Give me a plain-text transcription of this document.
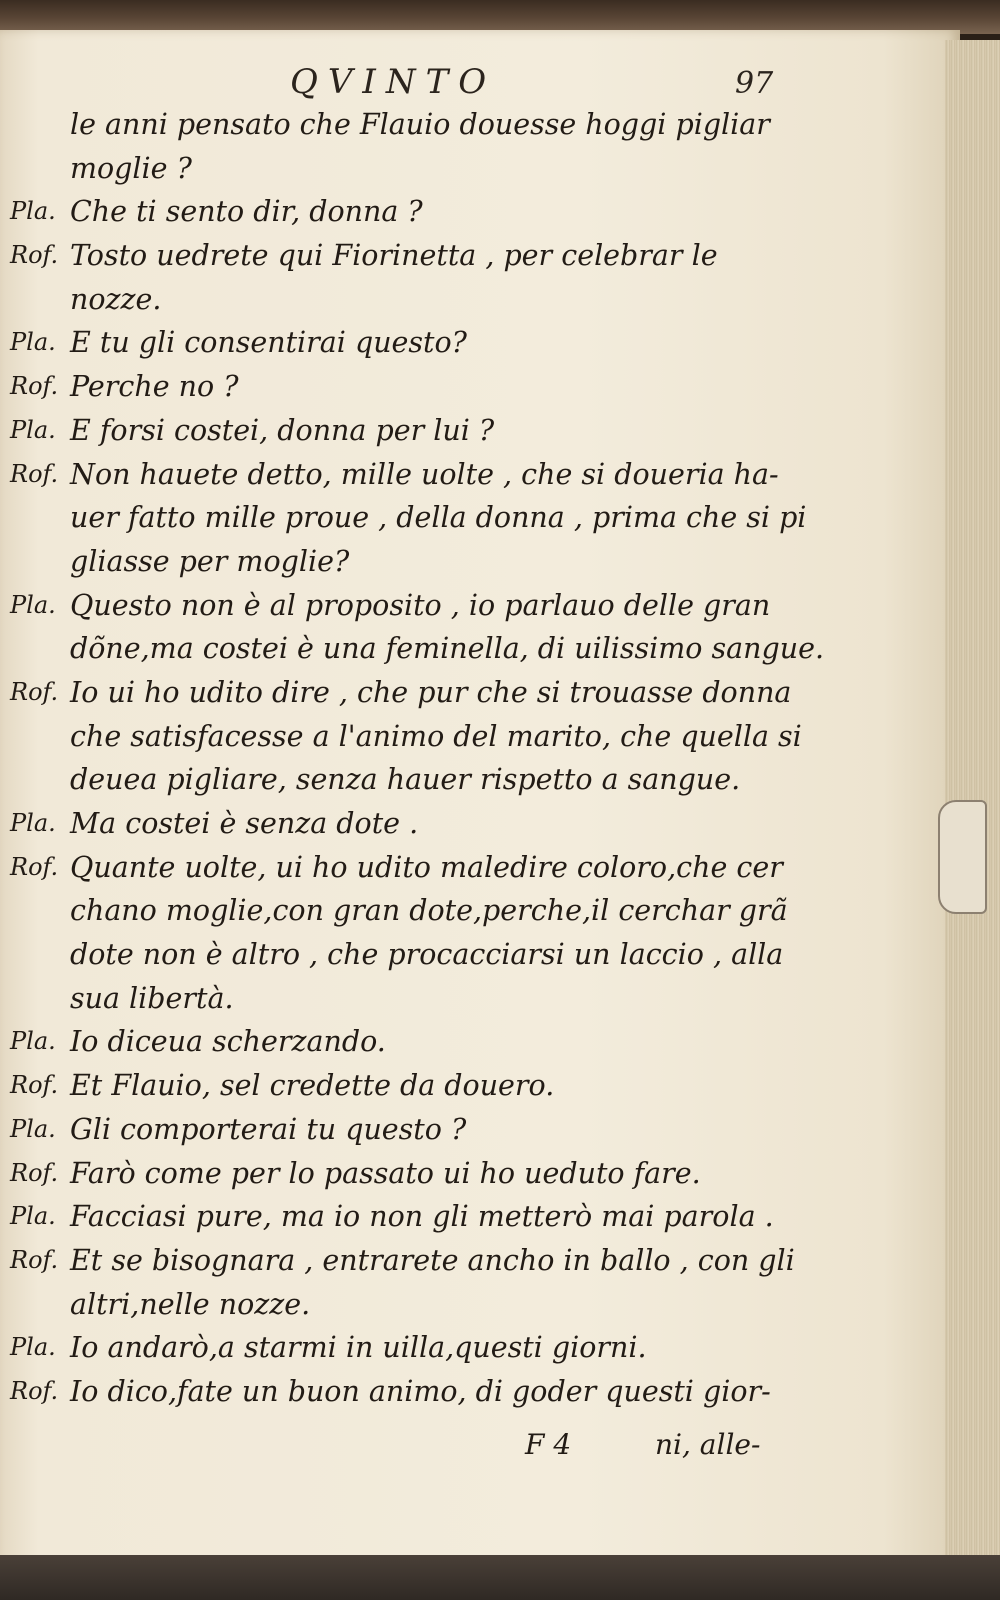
QVINTO	97
le anni pensato che Flauio douesse hoggi pigliar
moglie ?
Pla. Che ti sento dir, donna ?
Rof. Tosto uedrete qui Fiorinetta , per celebrar le
nozze.
Pla. E tu gli consentirai questo?
Rof. Perche no ?
Pla. E forsi costei, donna per lui ?
Rof. Non hauete detto, mille uolte , che si doueria ha-
uer fatto mille proue , della donna , prima che si pi
gliasse per moglie?
Pla. Questo non è al proposito , io parlauo delle gran
dõne,ma costei è una feminella, di uilissimo sangue.
Rof. Io ui ho udito dire , che pur che si trouasse donna
che satisfacesse a l'animo del marito, che quella si
deuea pigliare, senza hauer rispetto a sangue.
Pla. Ma costei è senza dote .
Rof. Quante uolte, ui ho udito maledire coloro,che cer
chano moglie,con gran dote,perche,il cerchar grã
dote non è altro , che procacciarsi un laccio , alla
sua libertà.
Pla. Io diceua scherzando.
Rof. Et Flauio, sel credette da douero.
Pla. Gli comporterai tu questo ?
Rof. Farò come per lo passato ui ho ueduto fare.
Pla. Facciasi pure, ma io non gli metterò mai parola .
Rof. Et se bisognara , entrarete ancho in ballo , con gli
altri,nelle nozze.
Pla. Io andarò,a starmi in uilla,questi giorni.
Rof. Io dico,fate un buon animo, di goder questi gior-
F 4	ni, alle-
